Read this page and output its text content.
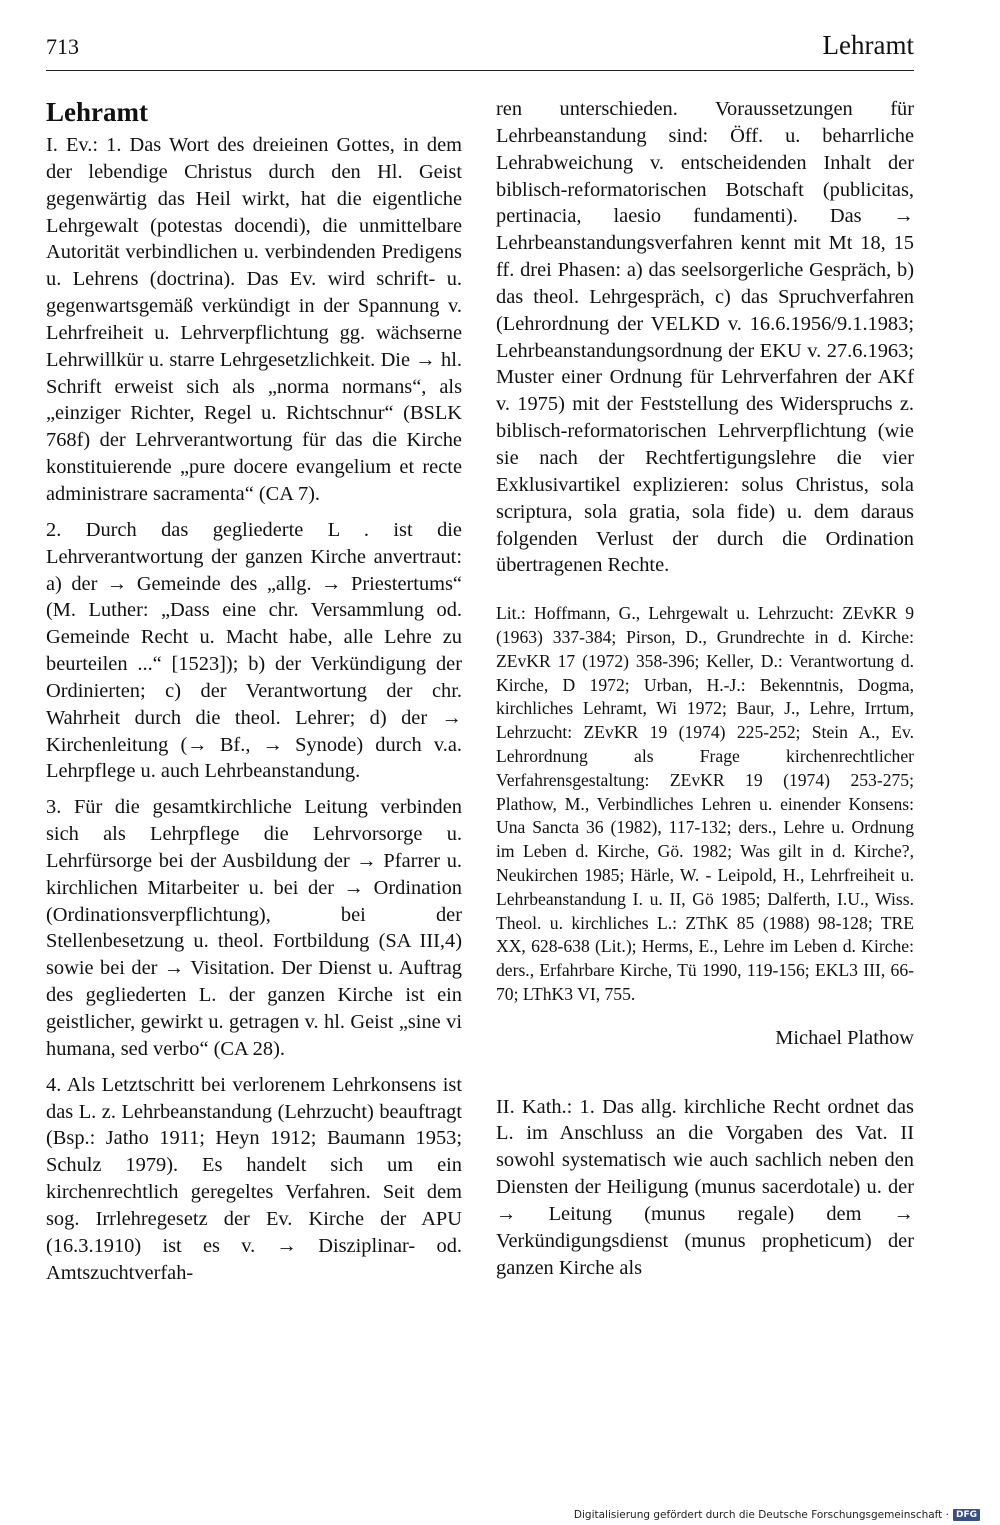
713	Lehramt

Lehramt

I. Ev.: 1. Das Wort des dreieinen Gottes, in dem der lebendige Christus durch den Hl. Geist gegenwärtig das Heil wirkt, hat die eigentliche Lehrgewalt (potestas docendi), die unmittelbare Autorität verbindlichen u. verbindenden Predigens u. Lehrens (doctrina). Das Ev. wird schrift- u. gegenwartsgemäß verkündigt in der Spannung v. Lehrfreiheit u. Lehrverpflichtung gg. wächserne Lehrwillkür u. starre Lehrgesetzlichkeit. Die → hl. Schrift erweist sich als „norma normans“, als „einziger Richter, Regel u. Richtschnur“ (BSLK 768f) der Lehrverantwortung für das die Kirche konstituierende „pure docere evangelium et recte administrare sacramenta“ (CA 7).

2. Durch das gegliederte L . ist die Lehrverantwortung der ganzen Kirche anvertraut: a) der → Gemeinde des „allg. → Priestertums“ (M. Luther: „Dass eine chr. Versammlung od. Gemeinde Recht u. Macht habe, alle Lehre zu beurteilen ...“ [1523]); b) der Verkündigung der Ordinierten; c) der Verantwortung der chr. Wahrheit durch die theol. Lehrer; d) der → Kirchenleitung (→ Bf., → Synode) durch v.a. Lehrpflege u. auch Lehrbeanstandung.

3. Für die gesamtkirchliche Leitung verbinden sich als Lehrpflege die Lehrvorsorge u. Lehrfürsorge bei der Ausbildung der → Pfarrer u. kirchlichen Mitarbeiter u. bei der → Ordination (Ordinationsverpflichtung), bei der Stellenbesetzung u. theol. Fortbildung (SA III,4) sowie bei der → Visitation. Der Dienst u. Auftrag des gegliederten L. der ganzen Kirche ist ein geistlicher, gewirkt u. getragen v. hl. Geist „sine vi humana, sed verbo“ (CA 28).

4. Als Letztschritt bei verlorenem Lehrkonsens ist das L. z. Lehrbeanstandung (Lehrzucht) beauftragt (Bsp.: Jatho 1911; Heyn 1912; Baumann 1953; Schulz 1979). Es handelt sich um ein kirchenrechtlich geregeltes Verfahren. Seit dem sog. Irrlehregesetz der Ev. Kirche der APU (16.3.1910) ist es v. → Disziplinar- od. Amtszuchtverfah-

ren unterschieden. Voraussetzungen für Lehrbeanstandung sind: Öff. u. beharrliche Lehrabweichung v. entscheidenden Inhalt der biblisch-reformatorischen Botschaft (publicitas, pertinacia, laesio fundamenti). Das → Lehrbeanstandungsverfahren kennt mit Mt 18, 15 ff. drei Phasen: a) das seelsorgerliche Gespräch, b) das theol. Lehrgespräch, c) das Spruchverfahren (Lehrordnung der VELKD v. 16.6.1956/9.1.1983; Lehrbeanstandungsordnung der EKU v. 27.6.1963; Muster einer Ordnung für Lehrverfahren der AKf v. 1975) mit der Feststellung des Widerspruchs z. biblisch-reformatorischen Lehrverpflichtung (wie sie nach der Rechtfertigungslehre die vier Exklusivartikel explizieren: solus Christus, sola scriptura, sola gratia, sola fide) u. dem daraus folgenden Verlust der durch die Ordination übertragenen Rechte.

Lit.: Hoffmann, G., Lehrgewalt u. Lehrzucht: ZEvKR 9 (1963) 337-384; Pirson, D., Grundrechte in d. Kirche: ZEvKR 17 (1972) 358-396; Keller, D.: Verantwortung d. Kirche, D 1972; Urban, H.-J.: Bekenntnis, Dogma, kirchliches Lehramt, Wi 1972; Baur, J., Lehre, Irrtum, Lehrzucht: ZEvKR 19 (1974) 225-252; Stein A., Ev. Lehrordnung als Frage kirchenrechtlicher Verfahrensgestaltung: ZEvKR 19 (1974) 253-275; Plathow, M., Verbindliches Lehren u. einender Konsens: Una Sancta 36 (1982), 117-132; ders., Lehre u. Ordnung im Leben d. Kirche, Gö. 1982; Was gilt in d. Kirche?, Neukirchen 1985; Härle, W. - Leipold, H., Lehrfreiheit u. Lehrbeanstandung I. u. II, Gö 1985; Dalferth, I.U., Wiss. Theol. u. kirchliches L.: ZThK 85 (1988) 98-128; TRE XX, 628-638 (Lit.); Herms, E., Lehre im Leben d. Kirche: ders., Erfahrbare Kirche, Tü 1990, 119-156; EKL3 III, 66-70; LThK3 VI, 755.

Michael Plathow

II. Kath.: 1. Das allg. kirchliche Recht ordnet das L. im Anschluss an die Vorgaben des Vat. II sowohl systematisch wie auch sachlich neben den Diensten der Heiligung (munus sacerdotale) u. der → Leitung (munus regale) dem → Verkündigungsdienst (munus propheticum) der ganzen Kirche als

Digitalisierung gefördert durch die Deutsche Forschungsgemeinschaft · DFG
